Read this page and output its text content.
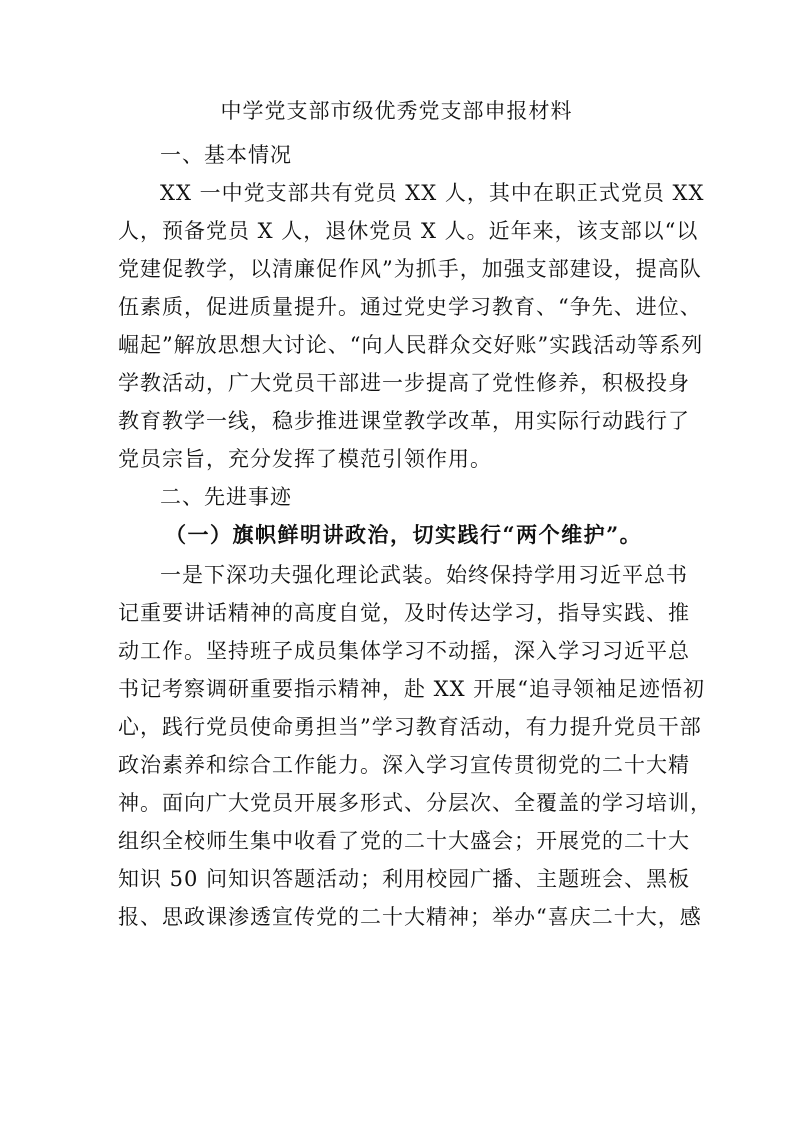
中学党支部市级优秀党支部申报材料
一、基本情况
XX 一中党支部共有党员 XX 人，其中在职正式党员 XX
人，预备党员 X 人，退休党员 X 人。近年来，该支部以“以
党建促教学，以清廉促作风”为抓手，加强支部建设，提高队
伍素质，促进质量提升。通过党史学习教育、“争先、进位、
崛起”解放思想大讨论、“向人民群众交好账”实践活动等系列
学教活动，广大党员干部进一步提高了党性修养，积极投身
教育教学一线，稳步推进课堂教学改革，用实际行动践行了
党员宗旨，充分发挥了模范引领作用。
二、先进事迹
（一）旗帜鲜明讲政治，切实践行“两个维护”。
一是下深功夫强化理论武装。始终保持学用习近平总书
记重要讲话精神的高度自觉，及时传达学习，指导实践、推
动工作。坚持班子成员集体学习不动摇，深入学习习近平总
书记考察调研重要指示精神，赴 XX 开展“追寻领袖足迹悟初
心，践行党员使命勇担当”学习教育活动，有力提升党员干部
政治素养和综合工作能力。深入学习宣传贯彻党的二十大精
神。面向广大党员开展多形式、分层次、全覆盖的学习培训，
组织全校师生集中收看了党的二十大盛会；开展党的二十大
知识 50 问知识答题活动；利用校园广播、主题班会、黑板
报、思政课渗透宣传党的二十大精神；举办“喜庆二十大，感
